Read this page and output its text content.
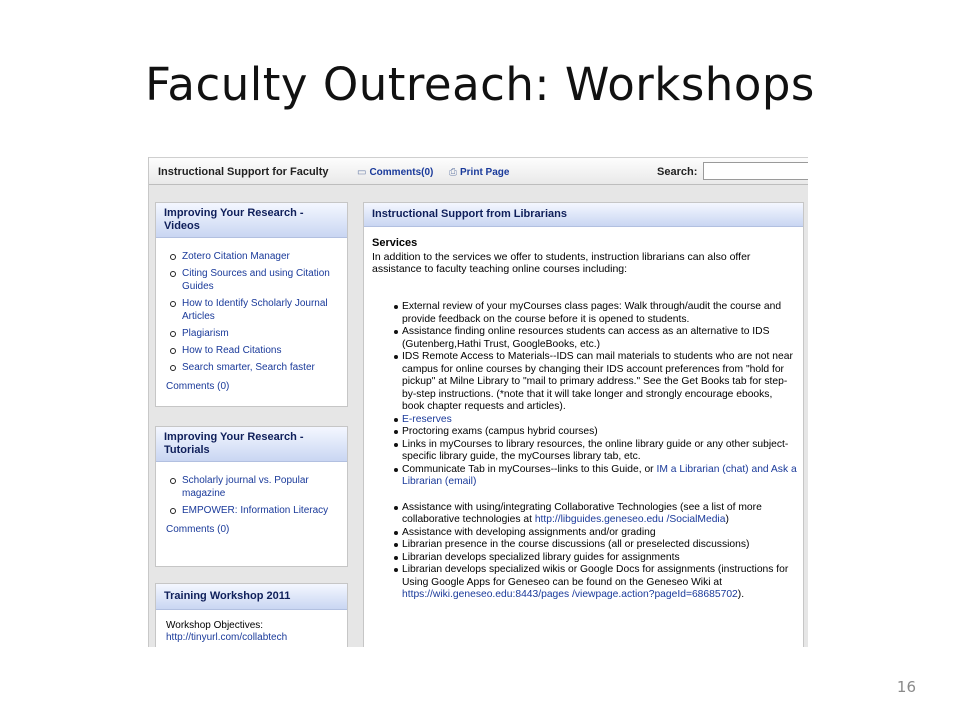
Faculty Outreach: Workshops
Instructional Support for Faculty	▭ Comments(0) ⎙ Print Page	Search:
Improving Your Research - Videos
Zotero Citation Manager
Citing Sources and using Citation Guides
How to Identify Scholarly Journal Articles
Plagiarism
How to Read Citations
Search smarter, Search faster
Comments (0)
Improving Your Research - Tutorials
Scholarly journal vs. Popular magazine
EMPOWER: Information Literacy
Comments (0)
Training Workshop 2011
Workshop Objectives:
http://tinyurl.com/collabtech
Instructional Support from Librarians
Services
In addition to the services we offer to students, instruction librarians can also offer assistance to faculty teaching online courses including:
External review of your myCourses class pages: Walk through/audit the course and provide feedback on the course before it is opened to students.
Assistance finding online resources students can access as an alternative to IDS (Gutenberg,Hathi Trust, GoogleBooks, etc.)
IDS Remote Access to Materials--IDS can mail materials to students who are not near campus for online courses by changing their IDS account preferences from "hold for pickup" at Milne Library to "mail to primary address." See the Get Books tab for step-by-step instructions. (*note that it will take longer and strongly encourage ebooks, book chapter requests and articles).
E-reserves
Proctoring exams (campus hybrid courses)
Links in myCourses to library resources, the online library guide or any other subject-specific library guide, the myCourses library tab, etc.
Communicate Tab in myCourses--links to this Guide, or IM a Librarian (chat) and Ask a Librarian (email)
Assistance with using/integrating Collaborative Technologies (see a list of more collaborative technologies at http://libguides.geneseo.edu /SocialMedia)
Assistance with developing assignments and/or grading
Librarian presence in the course discussions (all or preselected discussions)
Librarian develops specialized library guides for assignments
Librarian develops specialized wikis or Google Docs for assignments (instructions for Using Google Apps for Geneseo can be found on the Geneseo Wiki at https://wiki.geneseo.edu:8443/pages /viewpage.action?pageId=68685702).
16
